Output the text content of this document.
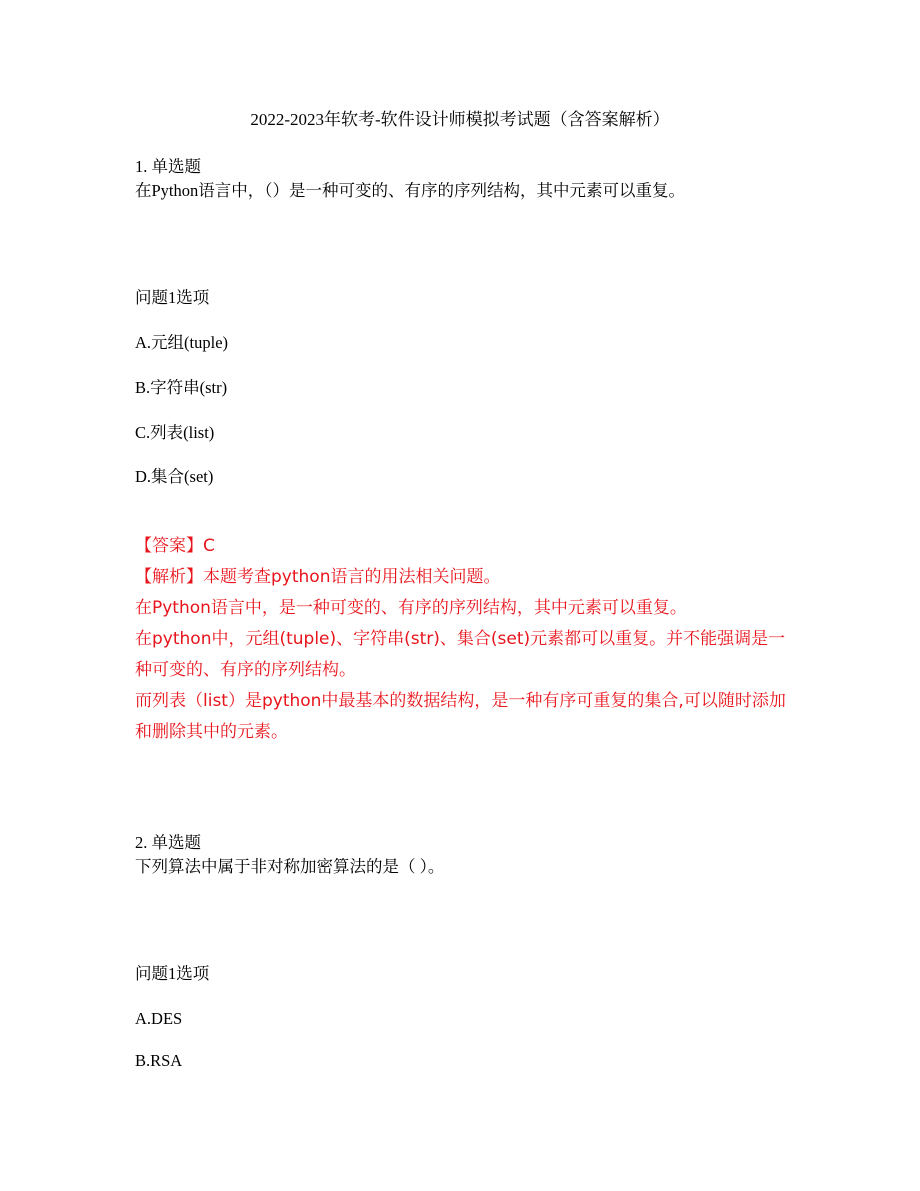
2022-2023年软考-软件设计师模拟考试题（含答案解析）
1. 单选题
在Python语言中，（）是一种可变的、有序的序列结构，其中元素可以重复。
问题1选项
A.元组(tuple)
B.字符串(str)
C.列表(list)
D.集合(set)
【答案】C
【解析】本题考查python语言的用法相关问题。
在Python语言中，是一种可变的、有序的序列结构，其中元素可以重复。
在python中，元组(tuple)、字符串(str)、集合(set)元素都可以重复。并不能强调是一种可变的、有序的序列结构。
而列表（list）是python中最基本的数据结构，是一种有序可重复的集合,可以随时添加和删除其中的元素。
2. 单选题
下列算法中属于非对称加密算法的是（ ）。
问题1选项
A.DES
B.RSA
